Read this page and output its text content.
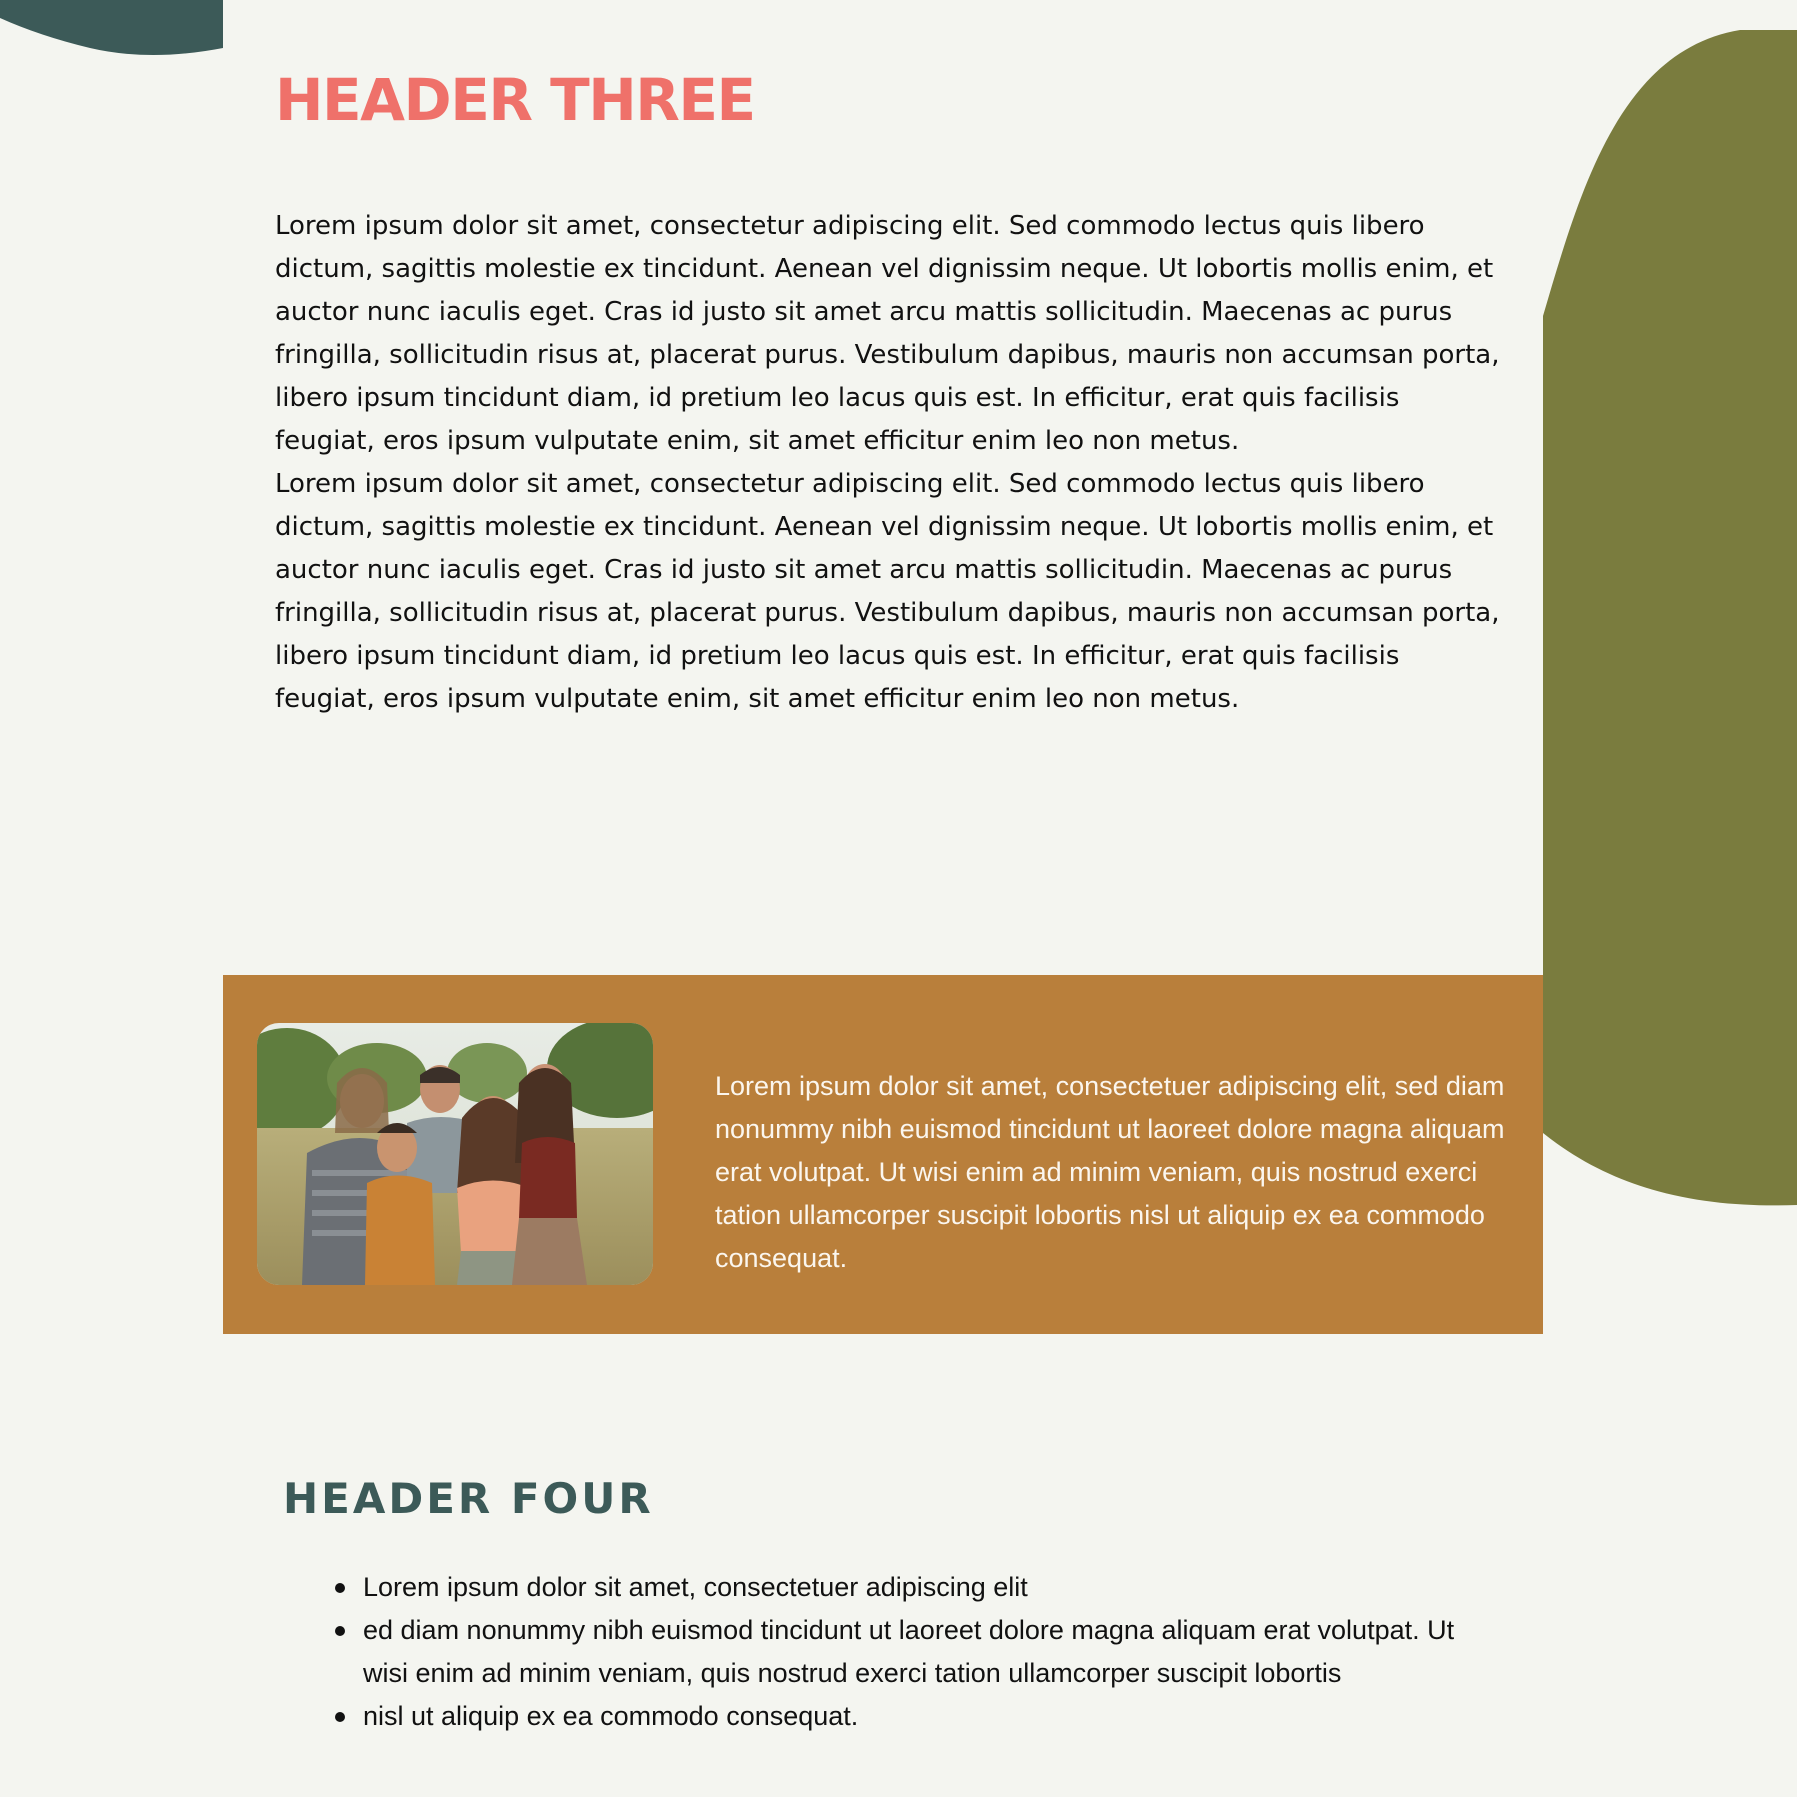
HEADER THREE

Lorem ipsum dolor sit amet, consectetur adipiscing elit. Sed commodo lectus quis libero dictum, sagittis molestie ex tincidunt. Aenean vel dignissim neque. Ut lobortis mollis enim, et auctor nunc iaculis eget. Cras id justo sit amet arcu mattis sollicitudin. Maecenas ac purus fringilla, sollicitudin risus at, placerat purus. Vestibulum dapibus, mauris non accumsan porta, libero ipsum tincidunt diam, id pretium leo lacus quis est. In efficitur, erat quis facilisis feugiat, eros ipsum vulputate enim, sit amet efficitur enim leo non metus.

Lorem ipsum dolor sit amet, consectetur adipiscing elit. Sed commodo lectus quis libero dictum, sagittis molestie ex tincidunt. Aenean vel dignissim neque. Ut lobortis mollis enim, et auctor nunc iaculis eget. Cras id justo sit amet arcu mattis sollicitudin. Maecenas ac purus fringilla, sollicitudin risus at, placerat purus. Vestibulum dapibus, mauris non accumsan porta, libero ipsum tincidunt diam, id pretium leo lacus quis est. In efficitur, erat quis facilisis feugiat, eros ipsum vulputate enim, sit amet efficitur enim leo non metus.

Lorem ipsum dolor sit amet, consectetuer adipiscing elit, sed diam nonummy nibh euismod tincidunt ut laoreet dolore magna aliquam erat volutpat. Ut wisi enim ad minim veniam, quis nostrud exerci tation ullamcorper suscipit lobortis nisl ut aliquip ex ea commodo consequat.

HEADER FOUR
Lorem ipsum dolor sit amet, consectetuer adipiscing elit
ed diam nonummy nibh euismod tincidunt ut laoreet dolore magna aliquam erat volutpat. Ut wisi enim ad minim veniam, quis nostrud exerci tation ullamcorper suscipit lobortis
nisl ut aliquip ex ea commodo consequat.
